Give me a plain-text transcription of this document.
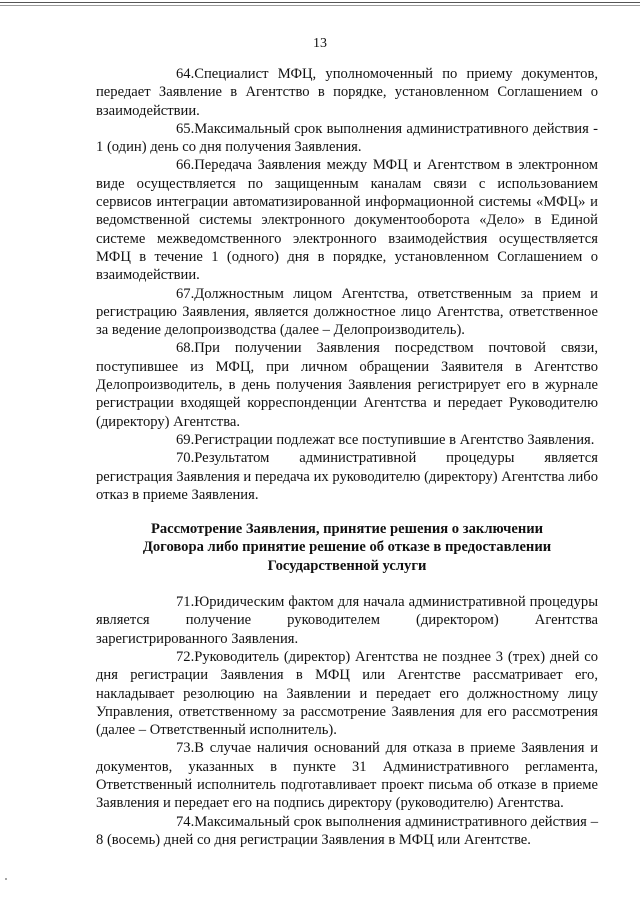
13

64.Специалист МФЦ, уполномоченный по приему документов, передает Заявление в Агентство в порядке, установленном Соглашением о взаимодействии.

65.Максимальный срок выполнения административного действия - 1 (один) день со дня получения Заявления.

66.Передача Заявления между МФЦ и Агентством в электронном виде осуществляется по защищенным каналам связи с использованием сервисов интеграции автоматизированной информационной системы «МФЦ» и ведомственной системы электронного документооборота «Дело» в Единой системе межведомственного электронного взаимодействия осуществляется МФЦ в течение 1 (одного) дня в порядке, установленном Соглашением о взаимодействии.

67.Должностным лицом Агентства, ответственным за прием и регистрацию Заявления, является должностное лицо Агентства, ответственное за ведение делопроизводства (далее – Делопроизводитель).

68.При получении Заявления посредством почтовой связи, поступившее из МФЦ, при личном обращении Заявителя в Агентство Делопроизводитель, в день получения Заявления регистрирует его в журнале регистрации входящей корреспонденции Агентства и передает Руководителю (директору) Агентства.

69.Регистрации подлежат все поступившие в Агентство Заявления.

70.Результатом административной процедуры является регистрация Заявления и передача их руководителю (директору) Агентства либо отказ в приеме Заявления.

Рассмотрение Заявления, принятие решения о заключении
Договора либо принятие решение об отказе в предоставлении
Государственной услуги

71.Юридическим фактом для начала административной процедуры является получение руководителем (директором) Агентства зарегистрированного Заявления.

72.Руководитель (директор) Агентства не позднее 3 (трех) дней со дня регистрации Заявления в МФЦ или Агентстве рассматривает его, накладывает резолюцию на Заявлении и передает его должностному лицу Управления, ответственному за рассмотрение Заявления для его рассмотрения (далее – Ответственный исполнитель).

73.В случае наличия оснований для отказа в приеме Заявления и документов, указанных в пункте 31 Административного регламента, Ответственный исполнитель подготавливает проект письма об отказе в приеме Заявления и передает его на подпись директору (руководителю) Агентства.

74.Максимальный срок выполнения административного действия – 8 (восемь) дней со дня регистрации Заявления в МФЦ или Агентстве.
